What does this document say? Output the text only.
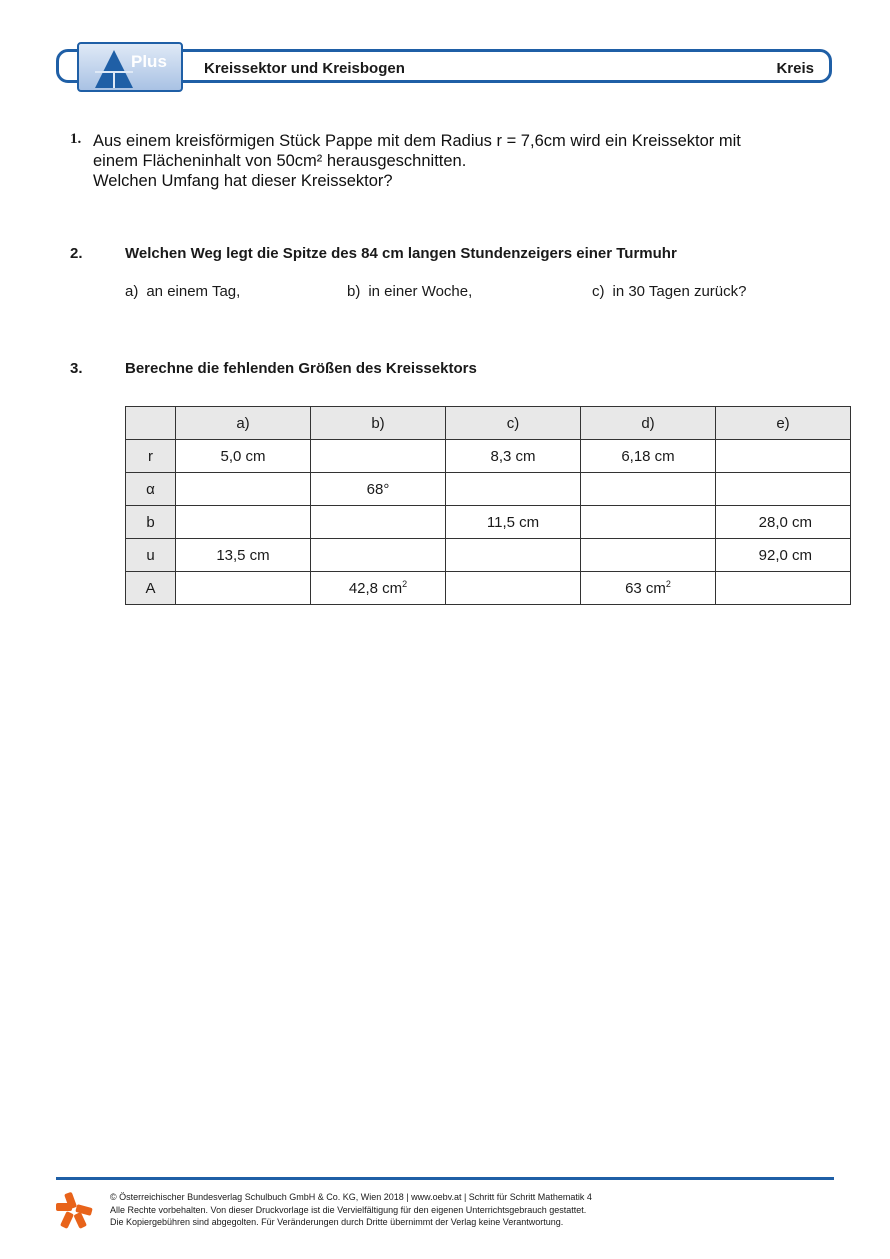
Plus Kreissektor und Kreisbogen	Kreis
1. Aus einem kreisförmigen Stück Pappe mit dem Radius r = 7,6cm wird ein Kreissektor mit
einem Flächeninhalt von 50cm² herausgeschnitten.
Welchen Umfang hat dieser Kreissektor?
2.	Welchen Weg legt die Spitze des 84 cm langen Stundenzeigers einer Turmuhr
a) an einem Tag,	b) in einer Woche,	c) in 30 Tagen zurück?
3.	Berechne die fehlenden Größen des Kreissektors
	a)	b)	c)	d)	e)
r	5,0 cm		8,3 cm	6,18 cm	
α		68°			
b			11,5 cm		28,0 cm
u	13,5 cm				92,0 cm
A		42,8 $cm^2$		63 $cm^2$	
© Österreichischer Bundesverlag Schulbuch GmbH & Co. KG, Wien 2018 | www.oebv.at | Schritt für Schritt Mathematik 4
Alle Rechte vorbehalten. Von dieser Druckvorlage ist die Vervielfältigung für den eigenen Unterrichtsgebrauch gestattet.
Die Kopiergebühren sind abgegolten. Für Veränderungen durch Dritte übernimmt der Verlag keine Verantwortung.
